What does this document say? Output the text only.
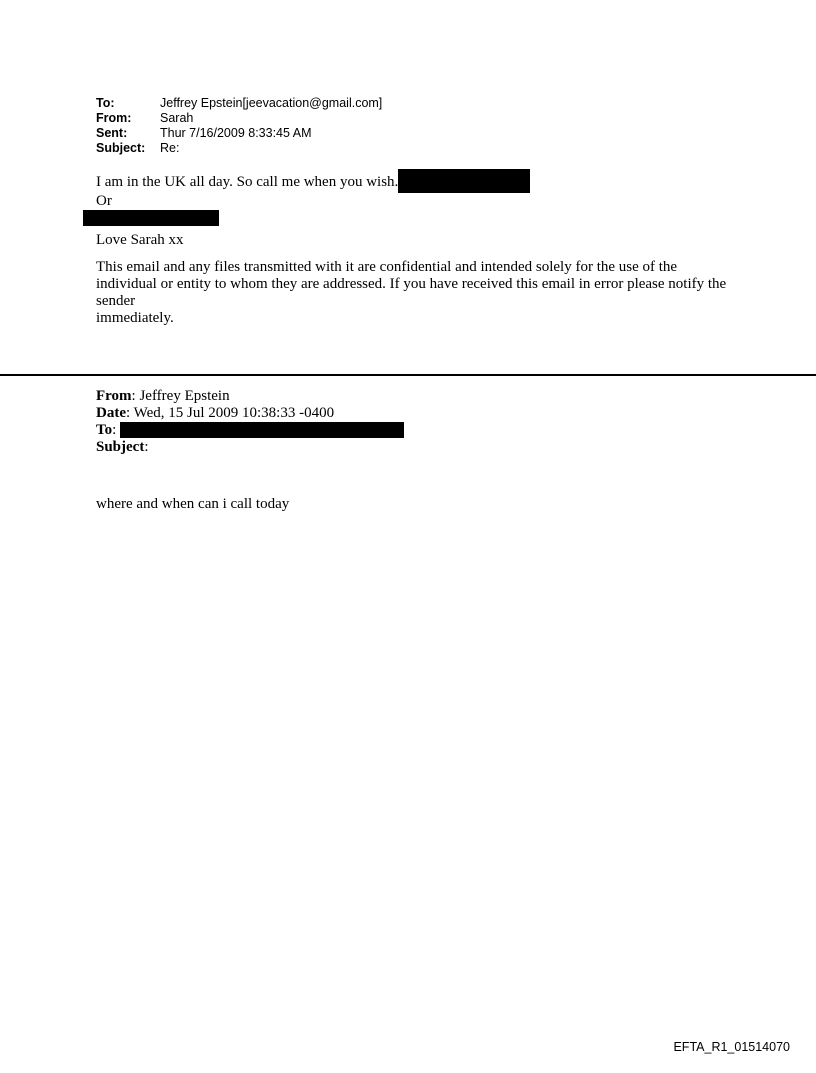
To:	Jeffrey Epstein[jeevacation@gmail.com]
From:	Sarah
Sent:	Thur 7/16/2009 8:33:45 AM
Subject:	Re:

I am in the UK all day. So call me when you wish.

Or

Love Sarah xx

This email and any files transmitted with it are confidential and intended solely for the use of the individual or entity to whom they are addressed. If you have received this email in error please notify the sender
immediately.

From: Jeffrey Epstein
Date: Wed, 15 Jul 2009 10:38:33 -0400
To:
Subject:
where and when can i call today
EFTA_R1_01514070
